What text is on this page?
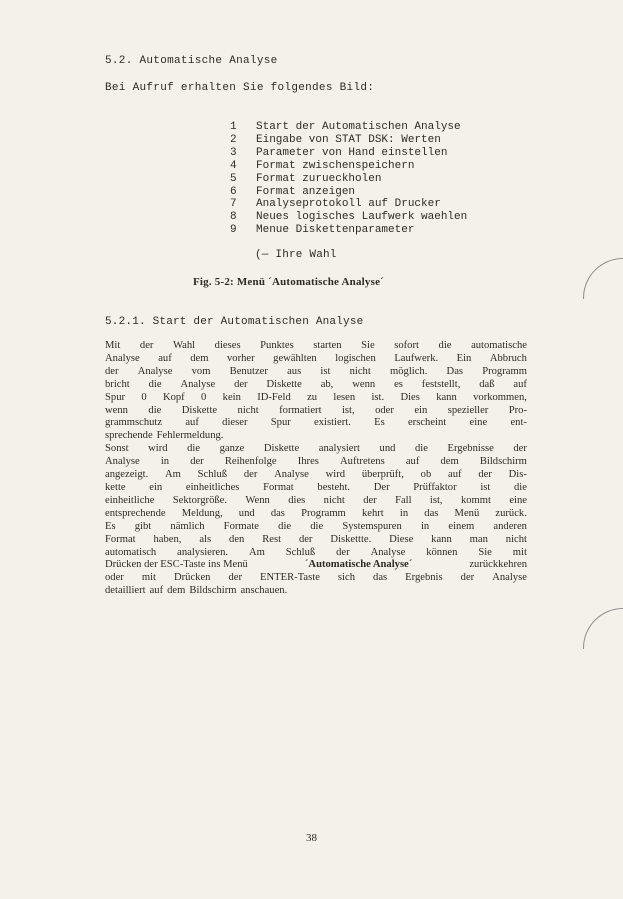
5.2. Automatische Analyse
Bei Aufruf erhalten Sie folgendes Bild:
1	Start der Automatischen Analyse
2	Eingabe von STAT DSK: Werten
3	Parameter von Hand einstellen
4	Format zwischenspeichern
5	Format zurueckholen
6	Format anzeigen
7	Analyseprotokoll auf Drucker
8	Neues logisches Laufwerk waehlen
9	Menue Diskettenparameter
(— Ihre Wahl
Fig. 5-2: Menü ´Automatische Analyse´
5.2.1. Start der Automatischen Analyse
Mit der Wahl dieses Punktes starten Sie sofort die automatische
Analyse auf dem vorher gewählten logischen Laufwerk. Ein Abbruch
der Analyse vom Benutzer aus ist nicht möglich. Das Programm
bricht die Analyse der Diskette ab, wenn es feststellt, daß auf
Spur 0 Kopf 0 kein ID-Feld zu lesen ist. Dies kann vorkommen,
wenn die Diskette nicht formatiert ist, oder ein spezieller Pro-
grammschutz auf dieser Spur existiert. Es erscheint eine ent-
sprechende Fehlermeldung.
Sonst wird die ganze Diskette analysiert und die Ergebnisse der
Analyse in der Reihenfolge Ihres Auftretens auf dem Bildschirm
angezeigt. Am Schluß der Analyse wird überprüft, ob auf der Dis-
kette ein einheitliches Format besteht. Der Prüffaktor ist die
einheitliche Sektorgröße. Wenn dies nicht der Fall ist, kommt eine
entsprechende Meldung, und das Programm kehrt in das Menü zurück.
Es gibt nämlich Formate die die Systemspuren in einem anderen
Format haben, als den Rest der Diskettte. Diese kann man nicht
automatisch analysieren. Am Schluß der Analyse können Sie mit
Drücken der ESC-Taste ins Menü	´Automatische Analyse´	zurückkehren
oder mit Drücken der ENTER-Taste sich das Ergebnis der Analyse
detailliert auf dem Bildschirm anschauen.
38
